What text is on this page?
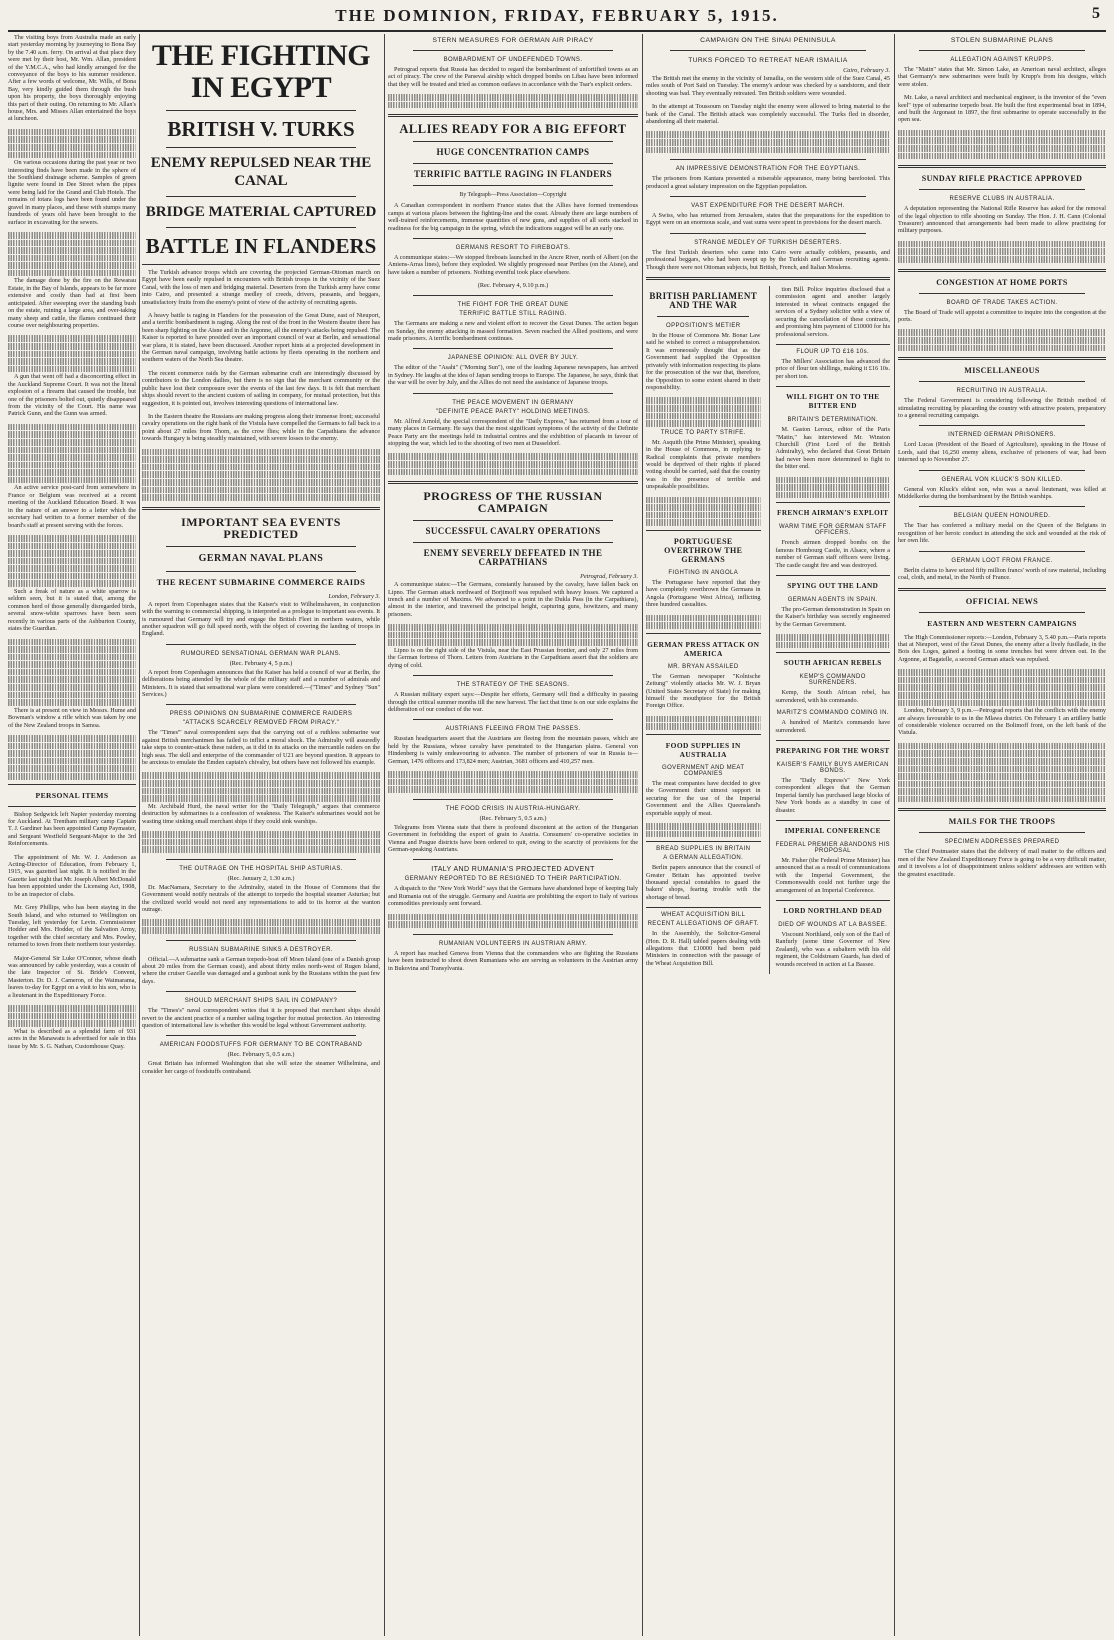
THE DOMINION, FRIDAY, FEBRUARY 5, 1915.	5

The visiting boys from Australia made an early start yesterday morning by journeying to Bona Bay by the 7.40 a.m. ferry. On arrival at that place they were met by their host, Mr. Wm. Allan, president of the Y.M.C.A., who had kindly arranged for the conveyance of the boys to his summer residence. After a few words of welcome, Mr. Wills, of Bona Bay, very kindly guided them through the bush upon his property, the boys thoroughly enjoying this part of their outing. On returning to Mr. Allan's house, Mrs. and Misses Allan entertained the boys at luncheon.

On various occasions during the past year or two interesting finds have been made in the sphere of the Southland drainage scheme. Samples of green lignite were found in Dee Street when the pipes were being laid for the Grand and Club Hotels. The remains of totara logs have been found under the gravel in many places, and these with stumps many hundreds of years old have been brought to the surface in excavating for the sewers.

The damage done by the fire on the Rewarau Estate, in the Bay of Islands, appears to be far more extensive and costly than had at first been anticipated. After sweeping over the standing bush on the estate, ruining a large area, and over-taking many sheep and cattle, the flames continued their course over neighbouring properties.

A gun that went off had a disconcerting effect in the Auckland Supreme Court. It was not the literal explosion of a firearm that caused the trouble, but one of the prisoners bolted out, quietly disappeared from the vicinity of the Court. His name was Patrick Gunn, and the Gunn was armed.

An active service post-card from somewhere in France or Belgium was received at a recent meeting of the Auckland Education Board. It was in the nature of an answer to a letter which the secretary had written to a former member of the board's staff at present serving with the forces.

Such a freak of nature as a white sparrow is seldom seen, but it is stated that, among the common herd of those generally disregarded birds, several snow-white sparrows have been seen recently in various parts of the Ashburton County, states the Guardian.

There is at present on view in Messrs. Hume and Bowman's window a rifle which was taken by one of the New Zealand troops in Samoa.

PERSONAL ITEMS

Bishop Sedgwick left Napier yesterday morning for Auckland. At Trentham military camp Captain T. J. Gardiner has been appointed Camp Paymaster, and Sergeant Westfield Sergeant-Major to the 3rd Reinforcements.

The appointment of Mr. W. J. Anderson as Acting-Director of Education, from February 1, 1915, was gazetted last night. It is notified in the Gazette last night that Mr. Joseph Albert McDonald has been appointed under the Licensing Act, 1908, to be an inspector of clubs.

Mr. Grey Phillips, who has been staying in the South Island, and who returned to Wellington on Tuesday, left yesterday for Levin. Commissioner Hodder and Mrs. Hodder, of the Salvation Army, together with the chief secretary and Mrs. Powley, returned to town from their northern tour yesterday.

Major-General Sir Luke O'Connor, whose death was announced by cable yesterday, was a cousin of the late Inspector of St. Bride's Convent, Masterton. Dr. D. J. Cameron, of the Waimarama, leaves to-day for Egypt on a visit to his son, who is a lieutenant in the Expeditionary Force.

What is described as a splendid farm of 931 acres in the Manawatu is advertised for sale in this issue by Mr. S. G. Nathan, Customhouse Quay.

THE FIGHTING IN EGYPT
BRITISH V. TURKS
ENEMY REPULSED NEAR THE CANAL
BRIDGE MATERIAL CAPTURED
BATTLE IN FLANDERS

The Turkish advance troops which are covering the projected German-Ottoman march on Egypt have been easily repulsed in encounters with British troops in the vicinity of the Suez Canal, with the loss of men and bridging material. Deserters from the Turkish army have come into Cairo, and presented a strange medley of creeds, drivers, peasants, and beggars, unsatisfactory fruits from the enemy's point of view of the activity of recruiting agents.

A heavy battle is raging in Flanders for the possession of the Great Dune, east of Nieuport, and a terrific bombardment is raging. Along the rest of the front in the Western theatre there has been sharp fighting on the Aisne and in the Argonne, all the enemy's attacks being repulsed. The Kaiser is reported to have presided over an important council of war at Berlin, and sensational war plans, it is stated, have been discussed. Another report hints at a projected development in the German naval campaign, involving battle actions by fleets operating in the northern and southern waters of the North Sea theatre.

The recent commerce raids by the German submarine craft are interestingly discussed by contributors to the London dailies, but there is no sign that the merchant community or the public have lost their composure over the events of the last few days. It is felt that merchant ships should revert to the ancient custom of sailing in company, for mutual protection, but this suggestion, it is pointed out, involves interesting questions of international law.

In the Eastern theatre the Russians are making progress along their immense front; successful cavalry operations on the right bank of the Vistula have compelled the Germans to fall back to a point about 27 miles from Thorn, as the crow flies; while in the Carpathians the advance towards Hungary is being steadily maintained, with severe losses to the enemy.

IMPORTANT SEA EVENTS PREDICTED
GERMAN NAVAL PLANS
THE RECENT SUBMARINE COMMERCE RAIDS
London, February 3.

A report from Copenhagen states that the Kaiser's visit to Wilhelmshaven, in conjunction with the warning to commercial shipping, is interpreted as a prologue to important sea events. It is rumoured that Germany will try and engage the British Fleet in northern waters, while another squadron will go full speed north, with the object of covering the landing of troops in England.

RUMOURED SENSATIONAL GERMAN WAR PLANS.
(Rec. February 4, 5 p.m.)

A report from Copenhagen announces that the Kaiser has held a council of war at Berlin, the deliberations being attended by the whole of the military staff and a number of admirals and Ministers. It is stated that sensational war plans were considered.—("Times" and Sydney "Sun" Services.)

PRESS OPINIONS ON SUBMARINE COMMERCE RAIDERS
"ATTACKS SCARCELY REMOVED FROM PIRACY."

The "Times'" naval correspondent says that the carrying out of a ruthless submarine war against British merchantmen has failed to inflict a moral shock. The Admiralty will assuredly take steps to counter-attack these raiders, as it did in its attacks on the mercantile raiders on the high seas. The skill and enterprise of the commander of U21 are beyond question. It appears to be anxious to emulate the Emden captain's chivalry, but others have not followed his example.

Mr. Archibald Hurd, the naval writer for the "Daily Telegraph," argues that commerce destruction by submarines is a confession of weakness. The Kaiser's submarines would not be wasting time sinking small merchant ships if they could sink warships.

THE OUTRAGE ON THE HOSPITAL SHIP ASTURIAS.
(Rec. January 2, 1.30 a.m.)

Dr. MacNamara, Secretary to the Admiralty, stated in the House of Commons that the Government would notify neutrals of the attempt to torpedo the hospital steamer Asturias; but the civilized world would not need any representations to add to its horror at the wanton outrage.

RUSSIAN SUBMARINE SINKS A DESTROYER.

Official.—A submarine sank a German torpedo-boat off Moen Island (one of a Danish group about 20 miles from the German coast), and about thirty miles north-west of Rugen Island, where the cruiser Gazelle was damaged and a gunboat sunk by the Russians within the past few days.

SHOULD MERCHANT SHIPS SAIL IN COMPANY?

The "Times's" naval correspondent writes that it is proposed that merchant ships should revert to the ancient practice of a number sailing together for mutual protection. An interesting question of international law is whether this would be legal without Government authority.

AMERICAN FOODSTUFFS FOR GERMANY TO BE CONTRABAND
(Rec. February 5, 0.5 a.m.)

Great Britain has informed Washington that she will seize the steamer Wilhelmina, and consider her cargo of foodstuffs contraband.

STERN MEASURES FOR GERMAN AIR PIRACY
BOMBARDMENT OF UNDEFENDED TOWNS.

Petrograd reports that Russia has decided to regard the bombardment of unfortified towns as an act of piracy. The crew of the Parseval airship which dropped bombs on Libau have been informed that they will be treated and tried as common outlaws in accordance with the Tsar's explicit orders.

ALLIES READY FOR A BIG EFFORT
HUGE CONCENTRATION CAMPS
TERRIFIC BATTLE RAGING IN FLANDERS
By Telegraph—Press Association—Copyright

A Canadian correspondent in northern France states that the Allies have formed tremendous camps at various places between the fighting-line and the coast. Already there are large numbers of well-trained reinforcements, immense quantities of new guns, and supplies of all sorts stacked in readiness for the big campaign in the spring, which the indications suggest will be an early one.

GERMANS RESORT TO FIREBOATS.

A communique states:—We stopped fireboats launched in the Ancre River, north of Albert (on the Amiens-Arras lines), before they exploded. We slightly progressed near Perthes (on the Aisne), and have taken a number of prisoners. Nothing eventful took place elsewhere.

(Rec. February 4, 9.10 p.m.)
THE FIGHT FOR THE GREAT DUNE
TERRIFIC BATTLE STILL RAGING.

The Germans are making a new and violent effort to recover the Great Dunes. The action began on Sunday, the enemy attacking in massed formation. Seven reached the Allied positions, and were made prisoners. A terrific bombardment continues.

JAPANESE OPINION: ALL OVER BY JULY.

The editor of the "Asahi" ("Morning Sun"), one of the leading Japanese newspapers, has arrived in Sydney. He laughs at the idea of Japan sending troops to Europe. The Japanese, he says, think that the war will be over by July, and the Allies do not need the assistance of Japanese troops.

THE PEACE MOVEMENT IN GERMANY
"DEFINITE PEACE PARTY" HOLDING MEETINGS.

Mr. Alfred Arnold, the special correspondent of the "Daily Express," has returned from a tour of many places in Germany. He says that the most significant symptoms of the activity of the Definite Peace Party are the meetings held in industrial centres and the exhibition of placards in favour of stopping the war, which led to the shooting of two men at Dusseldorf.

PROGRESS OF THE RUSSIAN CAMPAIGN
SUCCESSFUL CAVALRY OPERATIONS
ENEMY SEVERELY DEFEATED IN THE CARPATHIANS
Petrograd, February 3.

A communique states:—The Germans, constantly harassed by the cavalry, have fallen back on Lipno. The German attack northward of Borjimoff was repulsed with heavy losses. We captured a trench and a number of Maxims. We advanced to a point in the Dukla Pass (in the Carpathians), almost in the interior, and traversed the principal height, capturing guns, howitzers, and many prisoners.

Lipno is on the right side of the Vistula, near the East Prussian frontier, and only 27 miles from the German fortress of Thorn. Letters from Austrians in the Carpathians assert that the soldiers are dying of cold.

THE STRATEGY OF THE SEASONS.

A Russian military expert says:—Despite her efforts, Germany will find a difficulty in passing through the critical summer months till the new harvest. The fact that time is on our side explains the deliberation of our conduct of the war.

AUSTRIANS FLEEING FROM THE PASSES.

Russian headquarters assert that the Austrians are fleeing from the mountain passes, which are held by the Russians, whose cavalry have penetrated to the Hungarian plains. General von Hindenberg is vainly endeavouring to advance. The number of prisoners of war in Russia is—German, 1476 officers and 173,824 men; Austrian, 3681 officers and 410,257 men.

THE FOOD CRISIS IN AUSTRIA-HUNGARY.
(Rec. February 5, 0.5 a.m.)

Telegrams from Vienna state that there is profound discontent at the action of the Hungarian Government in forbidding the export of grain to Austria. Consumers' co-operative societies in Vienna and Prague districts have been ordered to quit, owing to the scarcity of provisions for the German-speaking Austrians.

ITALY AND RUMANIA'S PROJECTED ADVENT
GERMANY REPORTED TO BE RESIGNED TO THEIR PARTICIPATION.

A dispatch to the "New York World" says that the Germans have abandoned hope of keeping Italy and Rumania out of the struggle. Germany and Austria are prohibiting the export to Italy of various commodities previously sent forward.

RUMANIAN VOLUNTEERS IN AUSTRIAN ARMY.

A report has reached Geneva from Vienna that the commanders who are fighting the Russians have been instructed to shoot down Rumanians who are serving as volunteers in the Austrian army in Bukovina and Transylvania.

CAMPAIGN ON THE SINAI PENINSULA
TURKS FORCED TO RETREAT NEAR ISMAILIA
Cairo, February 3.

The British met the enemy in the vicinity of Ismailia, on the western side of the Suez Canal, 45 miles south of Port Said on Tuesday. The enemy's ardour was checked by a sandstorm, and their shooting was bad. They eventually retreated. Ten British soldiers were wounded.

In the attempt at Toussoum on Tuesday night the enemy were allowed to bring material to the bank of the Canal. The British attack was completely successful. The Turks fled in disorder, abandoning all their material.

AN IMPRESSIVE DEMONSTRATION FOR THE EGYPTIANS.

The prisoners from Kantara presented a miserable appearance, many being barefooted. This produced a great salutary impression on the Egyptian population.

VAST EXPENDITURE FOR THE DESERT MARCH.

A Swiss, who has returned from Jerusalem, states that the preparations for the expedition to Egypt were on an enormous scale, and vast sums were spent in provisions for the desert march.

STRANGE MEDLEY OF TURKISH DESERTERS.

The first Turkish deserters who came into Cairo were actually cobblers, peasants, and professional beggars, who had been swept up by the Turkish and German recruiting agents. Though there were not Ottoman subjects, but British, French, and Italian Moslems.

BRITISH PARLIAMENT AND THE WAR
OPPOSITION'S METIER

In the House of Commons Mr. Bonar Law said he wished to correct a misapprehension. It was erroneously thought that as the Government had supplied the Opposition privately with information respecting its plans for the prosecution of the war that, therefore, the Opposition to some extent shared in their responsibility.

TRUCE TO PARTY STRIFE.

Mr. Asquith (the Prime Minister), speaking in the House of Commons, in replying to Radical complaints that private members would be deprived of their rights if placed voting should be carried, said that the country was in the presence of terrible and unspeakable possibilities.

PORTUGUESE OVERTHROW THE GERMANS
FIGHTING IN ANGOLA

The Portuguese have reported that they have completely overthrown the Germans in Angola (Portuguese West Africa), inflicting three hundred casualties.

GERMAN PRESS ATTACK ON AMERICA
MR. BRYAN ASSAILED

The German newspaper "Kolnische Zeitung" violently attacks Mr. W. J. Bryan (United States Secretary of State) for making himself the mouthpiece for the British Foreign Office.

FOOD SUPPLIES IN AUSTRALIA
GOVERNMENT AND MEAT COMPANIES

The meat companies have decided to give the Government their utmost support in securing for the use of the Imperial Government and the Allies Queensland's exportable supply of meat.

BREAD SUPPLIES IN BRITAIN
A GERMAN ALLEGATION.

Berlin papers announce that the council of Greater Britain has appointed twelve thousand special constables to guard the bakers' shops, fearing trouble with the shortage of bread.

WHEAT ACQUISITION BILL
RECENT ALLEGATIONS OF GRAFT.

In the Assembly, the Solicitor-General (Hon. D. R. Hall) tabled papers dealing with allegations that £10000 had been paid Ministers in connection with the passage of the Wheat Acquisition Bill.

tion Bill. Police inquiries disclosed that a commission agent and another largely interested in wheat contracts engaged the services of a Sydney solicitor with a view of securing the cancellation of these contracts, and promising him payment of £10000 for his professional services.

FLOUR UP TO £16 10s.

The Millers' Association has advanced the price of flour ten shillings, making it £16 10s. per short ton.

WILL FIGHT ON TO THE BITTER END
BRITAIN'S DETERMINATION.

M. Gaston Leroux, editor of the Paris "Matin," has interviewed Mr. Winston Churchill (First Lord of the British Admiralty), who declared that Great Britain had never been more determined to fight to the bitter end.

FRENCH AIRMAN'S EXPLOIT
WARM TIME FOR GERMAN STAFF OFFICERS.

French airmen dropped bombs on the famous Hombourg Castle, in Alsace, where a number of German staff officers were living. The castle caught fire and was destroyed.

SPYING OUT THE LAND
GERMAN AGENTS IN SPAIN.

The pro-German demonstration in Spain on the Kaiser's birthday was secretly engineered by the German Government.

SOUTH AFRICAN REBELS
KEMP'S COMMANDO SURRENDERS.

Kemp, the South African rebel, has surrendered, with his commando.

MARITZ'S COMMANDO COMING IN.

A hundred of Maritz's commando have surrendered.

PREPARING FOR THE WORST
KAISER'S FAMILY BUYS AMERICAN BONDS.

The "Daily Express's" New York correspondent alleges that the German Imperial family has purchased large blocks of New York bonds as a standby in case of disaster.

IMPERIAL CONFERENCE
FEDERAL PREMIER ABANDONS HIS PROPOSAL

Mr. Fisher (the Federal Prime Minister) has announced that as a result of communications with the Imperial Government, the Commonwealth could not further urge the arrangement of an Imperial Conference.

LORD NORTHLAND DEAD
DIED OF WOUNDS AT LA BASSEE.

Viscount Northland, only son of the Earl of Ranfurly (some time Governor of New Zealand), who was a subaltern with his old regiment, the Coldstream Guards, has died of wounds received in action at La Bassee.

STOLEN SUBMARINE PLANS
ALLEGATION AGAINST KRUPPS.

The "Matin" states that Mr. Simon Lake, an American naval architect, alleges that Germany's new submarines were built by Krupp's from his designs, which were stolen.

Mr. Lake, a naval architect and mechanical engineer, is the inventor of the "even keel" type of submarine torpedo boat. He built the first experimental boat in 1894, and built the Argonaut in 1897, the first submarine to operate successfully in the open sea.

SUNDAY RIFLE PRACTICE APPROVED
RESERVE CLUBS IN AUSTRALIA.

A deputation representing the National Rifle Reserve has asked for the removal of the legal objection to rifle shooting on Sunday. The Hon. J. H. Cann (Colonial Treasurer) announced that arrangements had been made to allow practising for military purposes.

CONGESTION AT HOME PORTS
BOARD OF TRADE TAKES ACTION.

The Board of Trade will appoint a committee to inquire into the congestion at the ports.

MISCELLANEOUS
RECRUITING IN AUSTRALIA.

The Federal Government is considering following the British method of stimulating recruiting by placarding the country with attractive posters, preparatory to a general recruiting campaign.

INTERNED GERMAN PRISONERS.

Lord Lucas (President of the Board of Agriculture), speaking in the House of Lords, said that 16,250 enemy aliens, exclusive of prisoners of war, had been interned up to November 27.

GENERAL VON KLUCK'S SON KILLED.

General von Kluck's eldest son, who was a naval lieutenant, was killed at Middelkerke during the bombardment by the British warships.

BELGIAN QUEEN HONOURED.

The Tsar has conferred a military medal on the Queen of the Belgians in recognition of her heroic conduct in attending the sick and wounded at the risk of her own life.

GERMAN LOOT FROM FRANCE.

Berlin claims to have seized fifty million francs' worth of raw material, including coal, cloth, and metal, in the North of France.

OFFICIAL NEWS
EASTERN AND WESTERN CAMPAIGNS

The High Commissioner reports:—London, February 3, 5.40 p.m.—Paris reports that at Nieuport, west of the Great Dunes, the enemy after a lively fusillade, in the Bois des Loges, gained a footing in some trenches but were driven out. In the Argonne, at Bagatelle, a second German attack was repulsed.

London, February 3, 9 p.m.—Petrograd reports that the conflicts with the enemy are always favourable to us in the Mlawa district. On February 1 an artillery battle of considerable violence occurred on the Bolimoff front, on the left bank of the Vistula.

MAILS FOR THE TROOPS
SPECIMEN ADDRESSES PREPARED

The Chief Postmaster states that the delivery of mail matter to the officers and men of the New Zealand Expeditionary Force is going to be a very difficult matter, and it involves a lot of disappointment unless soldiers' addresses are written with the greatest exactitude.
